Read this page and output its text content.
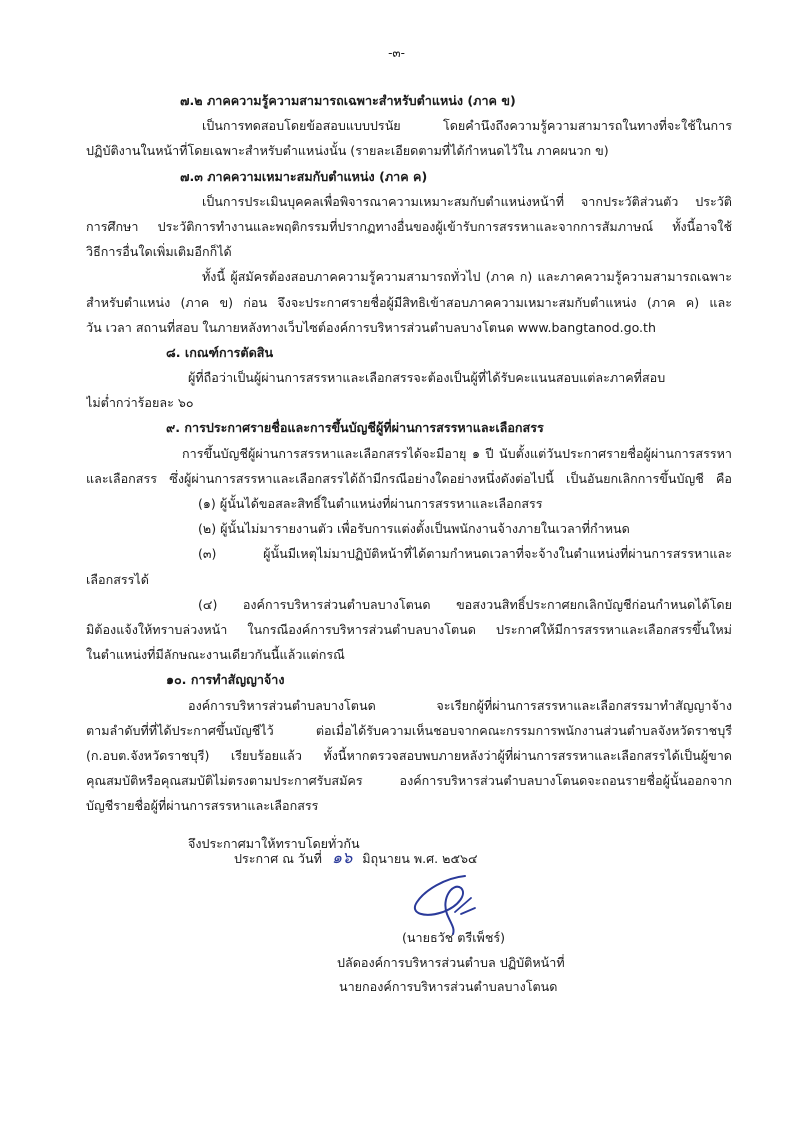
-๓-
๗.๒ ภาคความรู้ความสามารถเฉพาะสำหรับตำแหน่ง (ภาค ข)
เป็นการทดสอบโดยข้อสอบแบบปรนัย โดยคำนึงถึงความรู้ความสามารถในทางที่จะใช้ในการ
ปฏิบัติงานในหน้าที่โดยเฉพาะสำหรับตำแหน่งนั้น (รายละเอียดตามที่ได้กำหนดไว้ใน ภาคผนวก ข)
๗.๓ ภาคความเหมาะสมกับตำแหน่ง (ภาค ค)
เป็นการประเมินบุคคลเพื่อพิจารณาความเหมาะสมกับตำแหน่งหน้าที่ จากประวัติส่วนตัว ประวัติ
การศึกษา ประวัติการทำงานและพฤติกรรมที่ปรากฏทางอื่นของผู้เข้ารับการสรรหาและจากการสัมภาษณ์ ทั้งนี้อาจใช้
วิธีการอื่นใดเพิ่มเติมอีกก็ได้
ทั้งนี้ ผู้สมัครต้องสอบภาคความรู้ความสามารถทั่วไป (ภาค ก) และภาคความรู้ความสามารถเฉพาะ
สำหรับตำแหน่ง (ภาค ข) ก่อน จึงจะประกาศรายชื่อผู้มีสิทธิเข้าสอบภาคความเหมาะสมกับตำแหน่ง (ภาค ค) และ
วัน เวลา สถานที่สอบ ในภายหลังทางเว็บไซต์องค์การบริหารส่วนตำบลบางโตนด www.bangtanod.go.th
๘. เกณฑ์การตัดสิน
ผู้ที่ถือว่าเป็นผู้ผ่านการสรรหาและเลือกสรรจะต้องเป็นผู้ที่ได้รับคะแนนสอบแต่ละภาคที่สอบ
ไม่ต่ำกว่าร้อยละ ๖๐
๙. การประกาศรายชื่อและการขึ้นบัญชีผู้ที่ผ่านการสรรหาและเลือกสรร
การขึ้นบัญชีผู้ผ่านการสรรหาและเลือกสรรได้จะมีอายุ ๑ ปี นับตั้งแต่วันประกาศรายชื่อผู้ผ่านการสรรหา
และเลือกสรร ซึ่งผู้ผ่านการสรรหาและเลือกสรรได้ถ้ามีกรณีอย่างใดอย่างหนึ่งดังต่อไปนี้ เป็นอันยกเลิกการขึ้นบัญชี คือ
(๑) ผู้นั้นได้ขอสละสิทธิ์ในตำแหน่งที่ผ่านการสรรหาและเลือกสรร
(๒) ผู้นั้นไม่มารายงานตัว เพื่อรับการแต่งตั้งเป็นพนักงานจ้างภายในเวลาที่กำหนด
(๓) ผู้นั้นมีเหตุไม่มาปฏิบัติหน้าที่ได้ตามกำหนดเวลาที่จะจ้างในตำแหน่งที่ผ่านการสรรหาและ
เลือกสรรได้
(๔) องค์การบริหารส่วนตำบลบางโตนด ขอสงวนสิทธิ์ประกาศยกเลิกบัญชีก่อนกำหนดได้โดย
มิต้องแจ้งให้ทราบล่วงหน้า ในกรณีองค์การบริหารส่วนตำบลบางโตนด ประกาศให้มีการสรรหาและเลือกสรรขึ้นใหม่
ในตำแหน่งที่มีลักษณะงานเดียวกันนี้แล้วแต่กรณี
๑๐. การทำสัญญาจ้าง
องค์การบริหารส่วนตำบลบางโตนด จะเรียกผู้ที่ผ่านการสรรหาและเลือกสรรมาทำสัญญาจ้าง
ตามลำดับที่ที่ได้ประกาศขึ้นบัญชีไว้ ต่อเมื่อได้รับความเห็นชอบจากคณะกรรมการพนักงานส่วนตำบลจังหวัดราชบุรี
(ก.อบต.จังหวัดราชบุรี) เรียบร้อยแล้ว ทั้งนี้หากตรวจสอบพบภายหลังว่าผู้ที่ผ่านการสรรหาและเลือกสรรได้เป็นผู้ขาด
คุณสมบัติหรือคุณสมบัติไม่ตรงตามประกาศรับสมัคร องค์การบริหารส่วนตำบลบางโตนดจะถอนรายชื่อผู้นั้นออกจาก
บัญชีรายชื่อผู้ที่ผ่านการสรรหาและเลือกสรร
จึงประกาศมาให้ทราบโดยทั่วกัน
ประกาศ ณ วันที่ ๑๖ มิถุนายน พ.ศ. ๒๕๖๔
(นายธวัช ตรีเพ็ชร์)
ปลัดองค์การบริหารส่วนตำบล ปฏิบัติหน้าที่
นายกองค์การบริหารส่วนตำบลบางโตนด
